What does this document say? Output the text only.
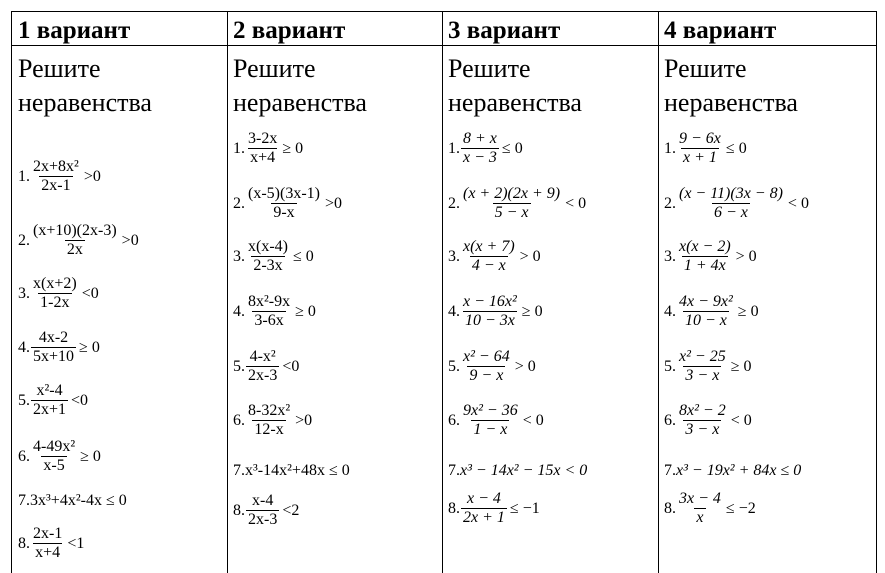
1 вариант
Решите
неравенства
1. $\frac{\text{2x+8x²}}{2x-1} >0$
2. $\frac{(x+10)(2x-3)}{2x} >0$
3. $\frac{x(x+2)}{1-2x} <0$
4. $\frac{4x-2}{5x+10} \ge 0$
5. $\frac{\text{x²-4}}{2x+1} <0$
6. $\frac{\text{4-49x²}}{x-5} \ge 0$
7. 3x³+4x²-4x ≤ 0
8. $\frac{2x-1}{x+4} <1$
2 вариант
Решите
неравенства
1. $\frac{3-2x}{x+4} \ge 0$
2. $\frac{(x-5)(3x-1)}{9-x} >0$
3. $\frac{x(x-4)}{2-3x} \le 0$
4. $\frac{\text{8x²-9x}}{3-6x} \ge 0$
5. $\frac{\text{4-x²}}{2x-3} <0$
6. $\frac{\text{8-32x²}}{12-x} >0$
7. x³-14x²+48x ≤ 0
8. $\frac{x-4}{2x-3} <2$
3 вариант
Решите
неравенства
1. $\frac{8 + x}{x - 3} \le 0$
2. $\frac{(x + 2)(2x + 9)}{5 - x} < 0$
3. $\frac{x(x + 7)}{4 - x} > 0$
4. $\frac{\text{x − 16x²}}{10 - 3x} \ge 0$
5. $\frac{\text{x² − 64}}{9 - x} > 0$
6. $\frac{\text{9x² − 36}}{1 - x} < 0$
7. x³ − 14x² − 15x < 0
8. $\frac{x - 4}{2x + 1} \le -1$
4 вариант
Решите
неравенства
1. $\frac{9 - 6x}{x + 1} \le 0$
2. $\frac{(x - 11)(3x - 8)}{6 - x} < 0$
3. $\frac{x(x - 2)}{1 + 4x} > 0$
4. $\frac{\text{4x − 9x²}}{10 - x} \ge 0$
5. $\frac{\text{x² − 25}}{3 - x} \ge 0$
6. $\frac{\text{8x² − 2}}{3 - x} < 0$
7. x³ − 19x² + 84x ≤ 0
8. $\frac{3x - 4}{x} \le -2$
